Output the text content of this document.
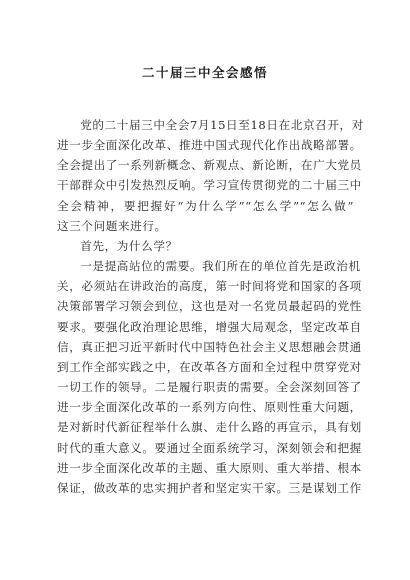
二十届三中全会感悟
党的二十届三中全会7月15日至18日在北京召开，对
进一步全面深化改革、推进中国式现代化作出战略部署。
全会提出了一系列新概念、新观点、新论断，在广大党员
干部群众中引发热烈反响。学习宣传贯彻党的二十届三中
全会精神，要把握好“为什么学”“怎么学”“怎么做”
这三个问题来进行。
首先，为什么学？
一是提高站位的需要。我们所在的单位首先是政治机
关，必须站在讲政治的高度，第一时间将党和国家的各项
决策部署学习领会到位，这也是对一名党员最起码的党性
要求。要强化政治理论思维，增强大局观念，坚定改革自
信，真正把习近平新时代中国特色社会主义思想融会贯通
到工作全部实践之中，在改革各方面和全过程中贯穿党对
一切工作的领导。二是履行职责的需要。全会深刻回答了
进一步全面深化改革的一系列方向性、原则性重大问题，
是对新时代新征程举什么旗、走什么路的再宣示，具有划
时代的重大意义。要通过全面系统学习，深刻领会和把握
进一步全面深化改革的主题、重大原则、重大举措、根本
保证，做改革的忠实拥护者和坚定实干家。三是谋划工作
